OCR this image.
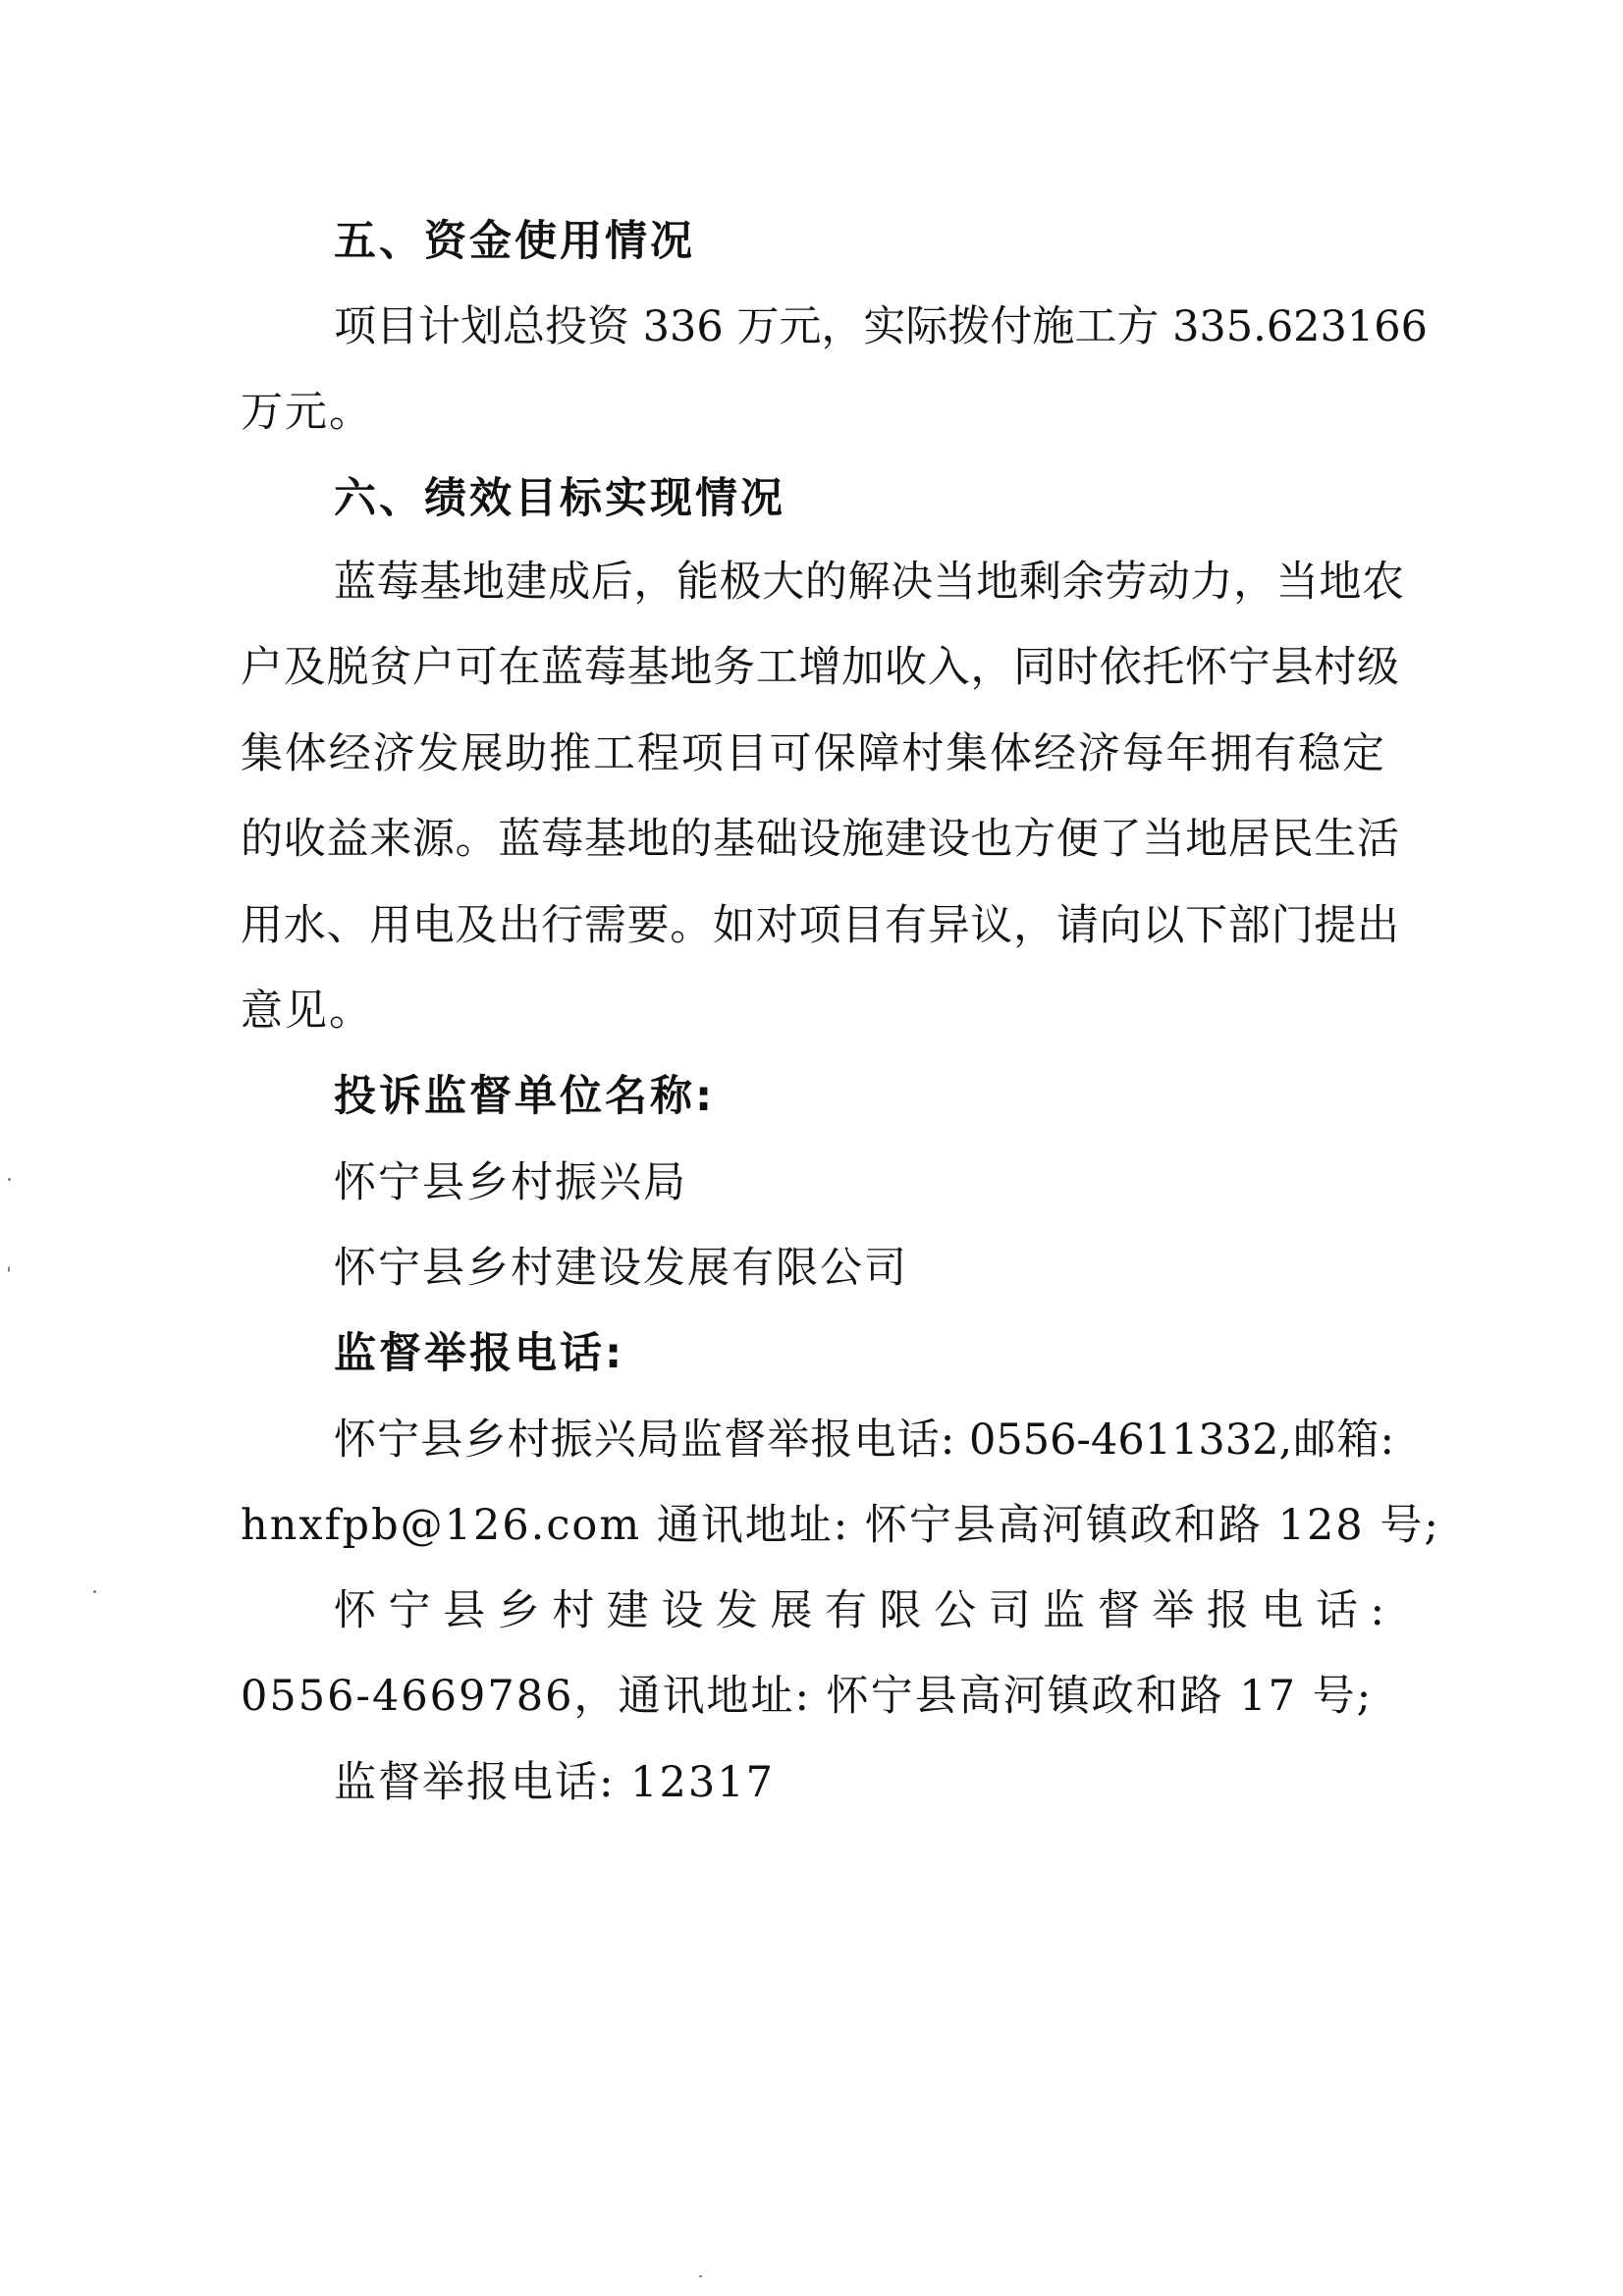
五、资金使用情况
项目计划总投资 336 万元，实际拨付施工方 335.623166
万元。
六、绩效目标实现情况
蓝莓基地建成后，能极大的解决当地剩余劳动力，当地农
户及脱贫户可在蓝莓基地务工增加收入，同时依托怀宁县村级
集体经济发展助推工程项目可保障村集体经济每年拥有稳定
的收益来源。蓝莓基地的基础设施建设也方便了当地居民生活
用水、用电及出行需要。如对项目有异议，请向以下部门提出
意见。
投诉监督单位名称:
怀宁县乡村振兴局
怀宁县乡村建设发展有限公司
监督举报电话:
怀宁县乡村振兴局监督举报电话: 0556-4611332,邮箱:
hnxfpb@126.com 通讯地址: 怀宁县高河镇政和路 128 号;
怀宁县乡村建设发展有限公司监督举报电话:
0556-4669786，通讯地址: 怀宁县高河镇政和路 17 号;
监督举报电话: 12317
